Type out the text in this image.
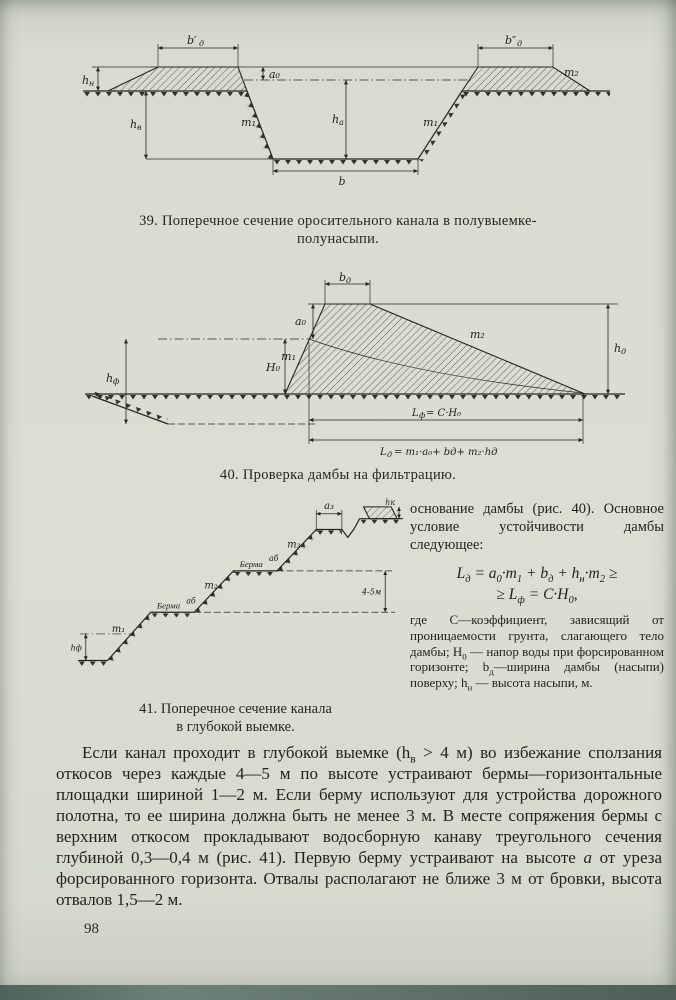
b′ д	b″ д
h н
h в
a₀
h а
m₁	m₁
m₂
b
39. Поперечное сечение оросительного канала в полувыемке-
полунасыпи.
b д
a₀
H₀
m₁
m₂
h ф
h д
L ф = C·H₀
L д = m₁·a₀+ bд+ m₂·hд
40. Проверка дамбы на фильтрацию.
Берма
Берма
aб
aб
m₃
m₂
m₁
a₃	hк
hф
4-5м
41. Поперечное сечение канала
в глубокой выемке.

основание дамбы (рис. 40). Основное условие устойчивости дамбы следующее:

$L_д = a_0\cdot m_1 + b_д + h_н\cdot m_2$ ≥
≥ $L_ф = C\cdot H_0$,

где С—коэффициент, зависящий от проницаемости грунта, слагающего тело дамбы; $H_0$ — напор воды при форсированном горизонте; $b_д—ширина$ дамбы (насыпи) поверху; $h_н$ — высота насыпи, м.

Если канал проходит в глубокой выемке ($h_в > 4$ м) во избежание сползания откосов через каждые 4—5 м по высоте устраивают бермы—горизонтальные площадки шириной 1—2 м. Если берму используют для устройства дорожного полотна, то ее ширина должна быть не менее 3 м. В месте сопряжения бермы с верхним откосом прокладывают водосборную канаву треугольного сечения глубиной 0,3—0,4 м (рис. 41). Первую берму устраивают на высоте a от уреза форсированного горизонта. Отвалы располагают не ближе 3 м от бровки, высота отвалов 1,5—2 м.

98
